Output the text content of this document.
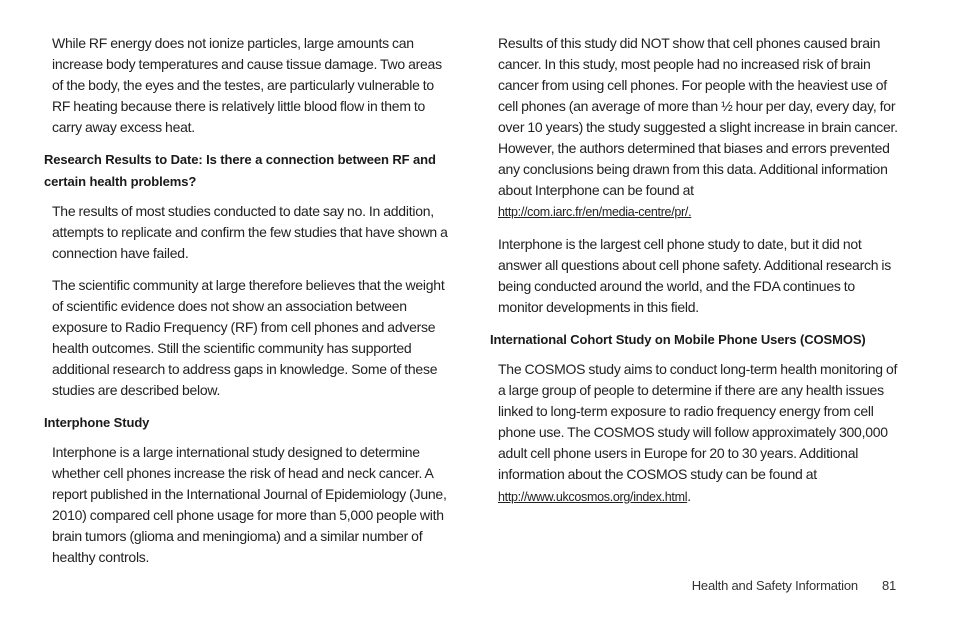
While RF energy does not ionize particles, large amounts can increase body temperatures and cause tissue damage. Two areas of the body, the eyes and the testes, are particularly vulnerable to RF heating because there is relatively little blood flow in them to carry away excess heat.

Research Results to Date: Is there a connection between RF and certain health problems?

The results of most studies conducted to date say no. In addition, attempts to replicate and confirm the few studies that have shown a connection have failed.

The scientific community at large therefore believes that the weight of scientific evidence does not show an association between exposure to Radio Frequency (RF) from cell phones and adverse health outcomes. Still the scientific community has supported additional research to address gaps in knowledge. Some of these studies are described below.

Interphone Study

Interphone is a large international study designed to determine whether cell phones increase the risk of head and neck cancer. A report published in the International Journal of Epidemiology (June, 2010) compared cell phone usage for more than 5,000 people with brain tumors (glioma and meningioma) and a similar number of healthy controls.

Results of this study did NOT show that cell phones caused brain cancer. In this study, most people had no increased risk of brain cancer from using cell phones. For people with the heaviest use of cell phones (an average of more than ½ hour per day, every day, for over 10 years) the study suggested a slight increase in brain cancer. However, the authors determined that biases and errors prevented any conclusions being drawn from this data. Additional information about Interphone can be found at
http://com.iarc.fr/en/media-centre/pr/.

Interphone is the largest cell phone study to date, but it did not answer all questions about cell phone safety. Additional research is being conducted around the world, and the FDA continues to monitor developments in this field.

International Cohort Study on Mobile Phone Users (COSMOS)

The COSMOS study aims to conduct long-term health monitoring of a large group of people to determine if there are any health issues linked to long-term exposure to radio frequency energy from cell phone use. The COSMOS study will follow approximately 300,000 adult cell phone users in Europe for 20 to 30 years. Additional information about the COSMOS study can be found at http://www.ukcosmos.org/index.html.

Health and Safety Information 81
